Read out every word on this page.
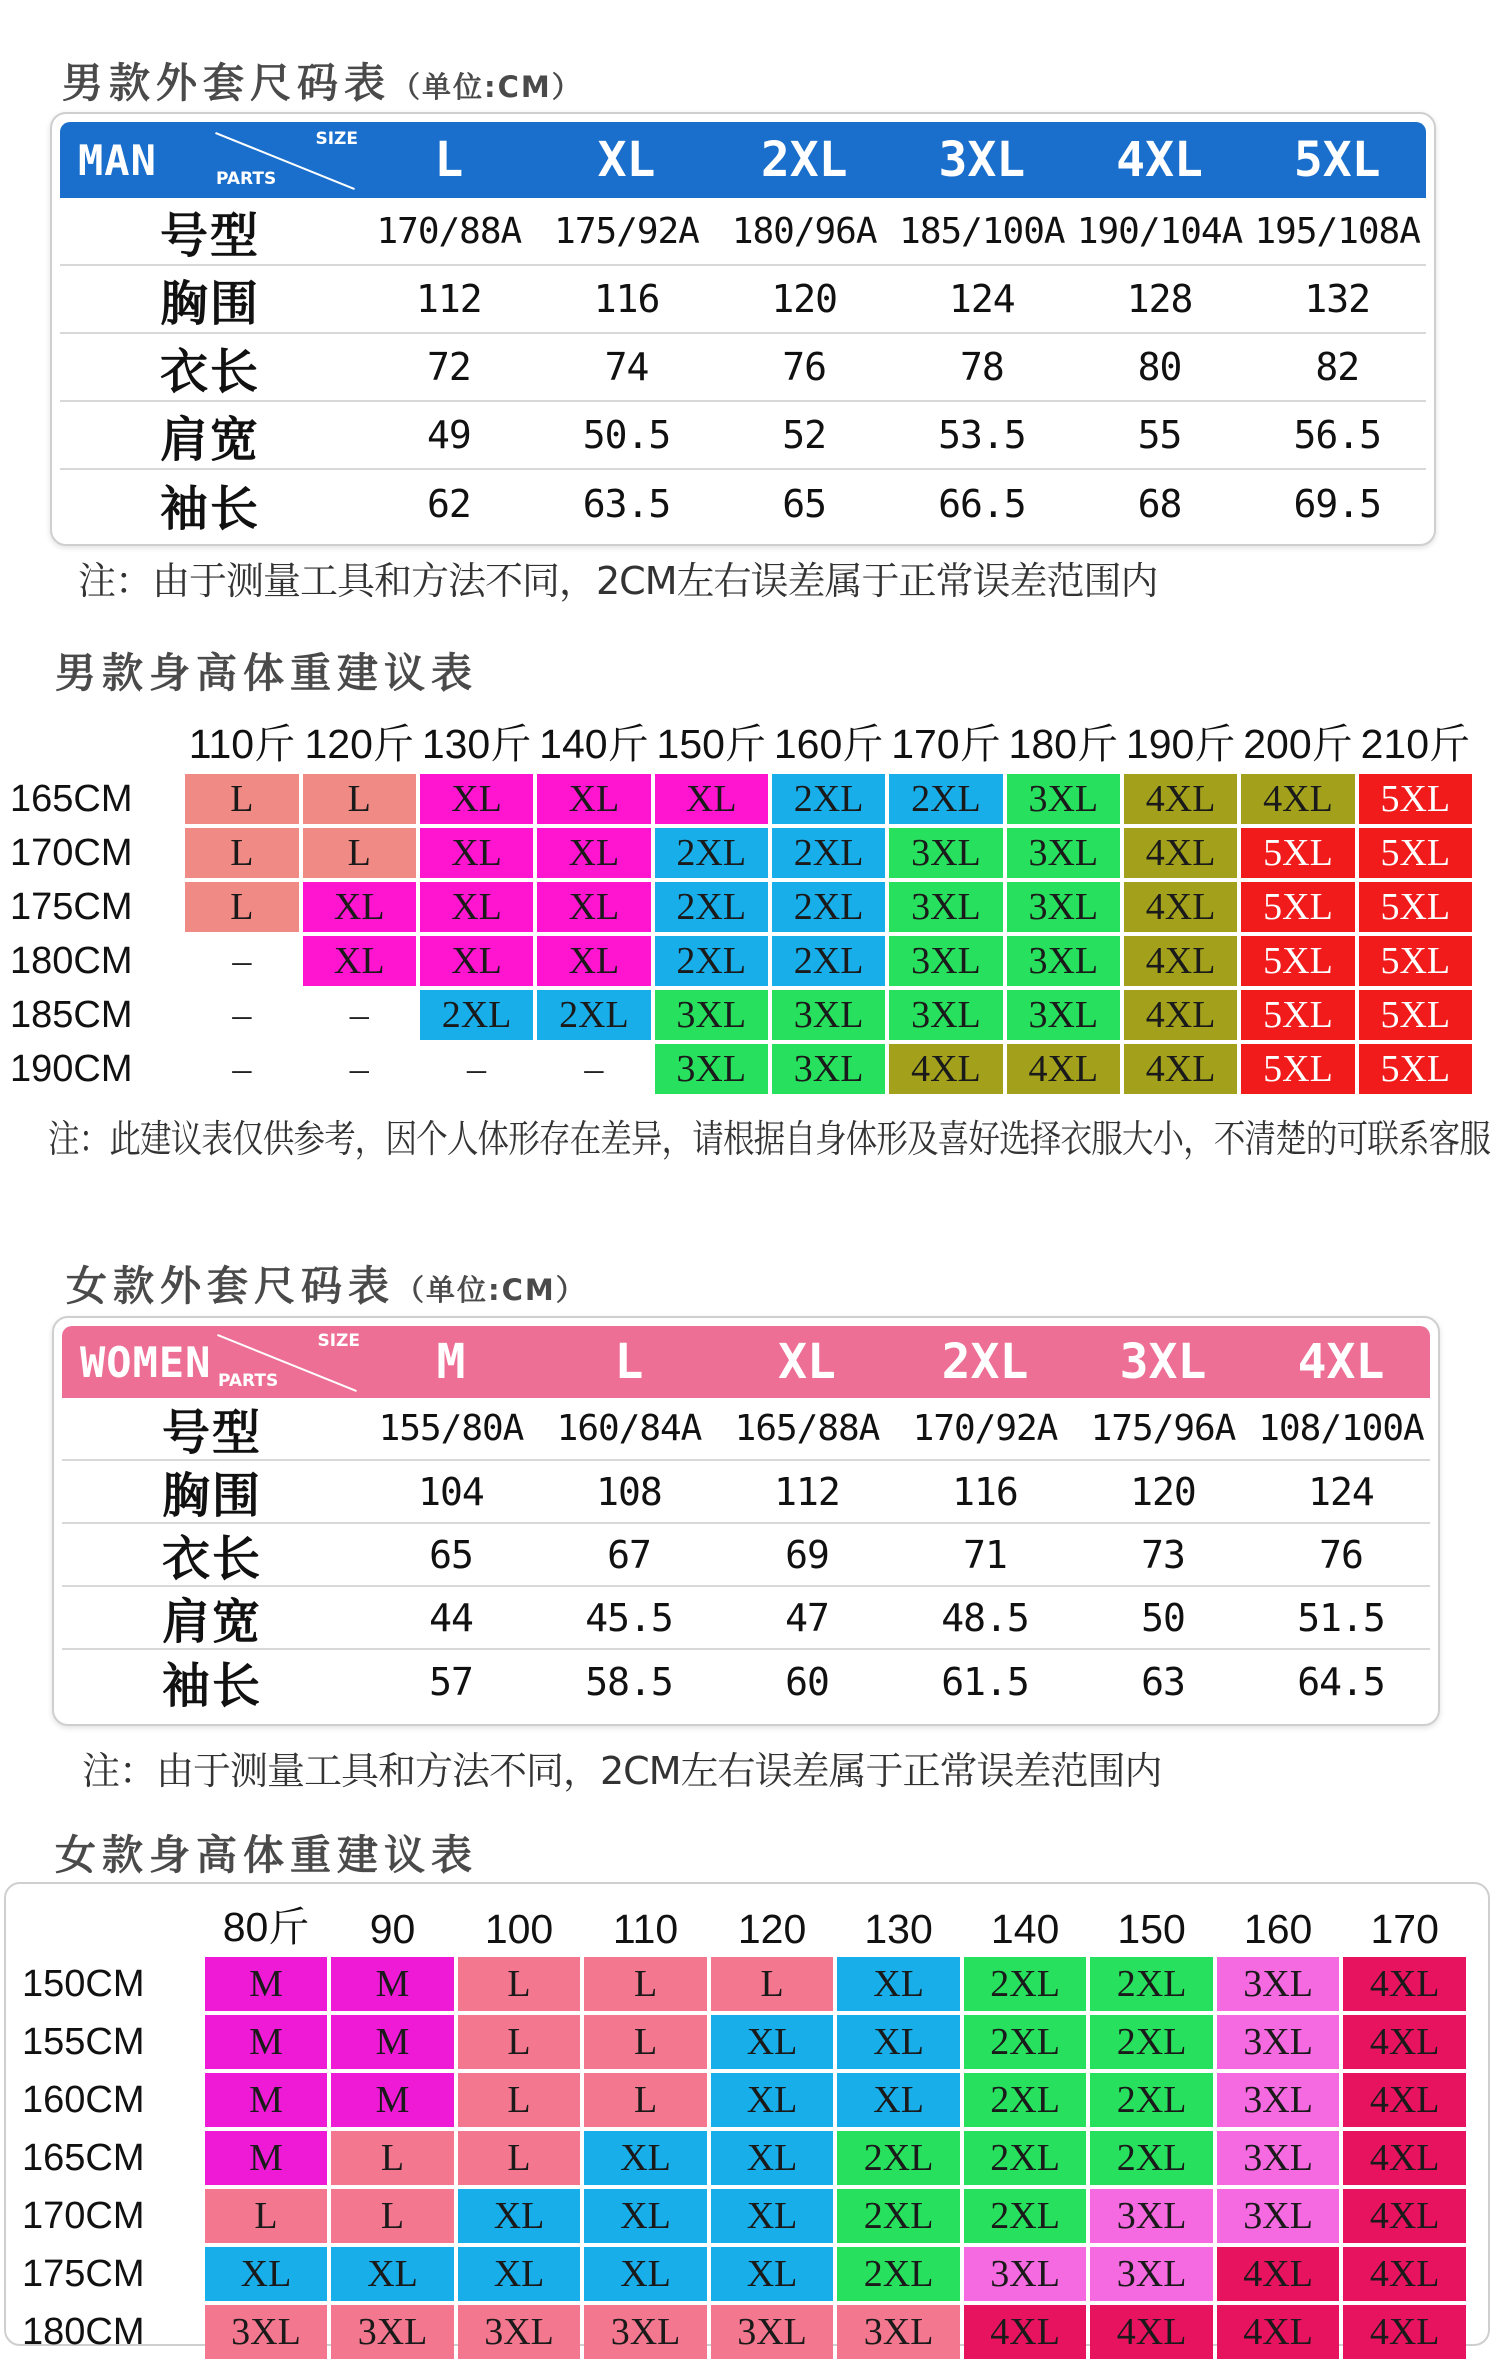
男款外套尺码表（单位:CM）
MAN	SIZE
PARTS	L	XL	2XL	3XL	4XL	5XL
号型	170/88A 175/92A 180/96A 185/100A 190/104A 195/108A
胸围	112	116	120	124	128	132
衣长	72	74	76	78	80	82
肩宽	49	50.5	52	53.5	55	56.5
袖长	62	63.5	65	66.5	68	69.5
注：由于测量工具和方法不同，2CM左右误差属于正常误差范围内
男款身高体重建议表
	110斤	120斤	130斤	140斤	150斤	160斤	170斤	180斤	190斤	200斤	210斤
165CM	L	L	XL	XL	XL	2XL	2XL	3XL	4XL	4XL	5XL
170CM	L	L	XL	XL	2XL	2XL	3XL	3XL	4XL	5XL	5XL
175CM	L	XL	XL	XL	2XL	2XL	3XL	3XL	4XL	5XL	5XL
180CM	–	XL	XL	XL	2XL	2XL	3XL	3XL	4XL	5XL	5XL
185CM	–	–	2XL	2XL	3XL	3XL	3XL	3XL	4XL	5XL	5XL
190CM	–	–	–	–	3XL	3XL	4XL	4XL	4XL	5XL	5XL
注：此建议表仅供参考，因个人体形存在差异，请根据自身体形及喜好选择衣服大小，不清楚的可联系客服
女款外套尺码表（单位:CM）
WOMEN	SIZE
PARTS	M	L	XL	2XL	3XL	4XL
号型	155/80A 160/84A 165/88A 170/92A 175/96A 108/100A
胸围	104	108	112	116	120	124
衣长	65	67	69	71	73	76
肩宽	44	45.5	47	48.5	50	51.5
袖长	57	58.5	60	61.5	63	64.5
注：由于测量工具和方法不同，2CM左右误差属于正常误差范围内
女款身高体重建议表
	80斤	90	100	110	120	130	140	150	160	170
150CM	M	M	L	L	L	XL	2XL	2XL	3XL	4XL
155CM	M	M	L	L	XL	XL	2XL	2XL	3XL	4XL
160CM	M	M	L	L	XL	XL	2XL	2XL	3XL	4XL
165CM	M	L	L	XL	XL	2XL	2XL	2XL	3XL	4XL
170CM	L	L	XL	XL	XL	2XL	2XL	3XL	3XL	4XL
175CM	XL	XL	XL	XL	XL	2XL	3XL	3XL	4XL	4XL
180CM	3XL	3XL	3XL	3XL	3XL	3XL	4XL	4XL	4XL	4XL
